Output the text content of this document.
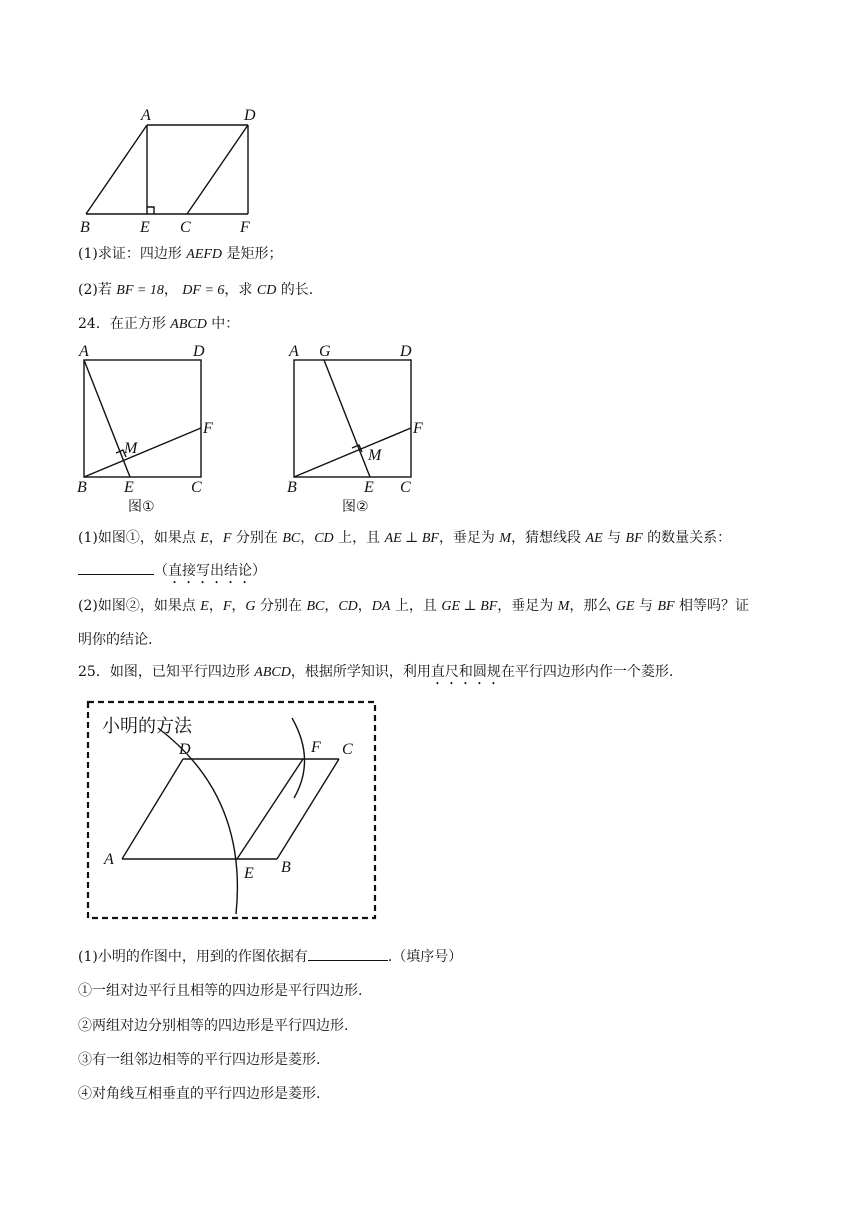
A	D
B	E C	F
(1)求证：四边形 AEFD 是矩形；
(2)若 BF = 18， DF = 6，求 CD 的长.
24．在正方形 ABCD 中：
A	D
F
M
B E	C
图①
A G	D
F
M
B	E C
图②
(1)如图①，如果点 E，F 分别在 BC，CD 上，且 AE ⊥ BF，垂足为 M，猜想线段 AE 与 BF 的数量关系：
（直接写出结论）
(2)如图②，如果点 E，F，G 分别在 BC，CD，DA 上，且 GE ⊥ BF，垂足为 M，那么 GE 与 BF 相等吗？证
明你的结论.
25．如图，已知平行四边形 ABCD，根据所学知识，利用直尺和圆规在平行四边形内作一个菱形.
小明的方法
D	F C
A
E B
(1)小明的作图中，用到的作图依据有	.（填序号）
①一组对边平行且相等的四边形是平行四边形.
②两组对边分别相等的四边形是平行四边形.
③有一组邻边相等的平行四边形是菱形.
④对角线互相垂直的平行四边形是菱形.
